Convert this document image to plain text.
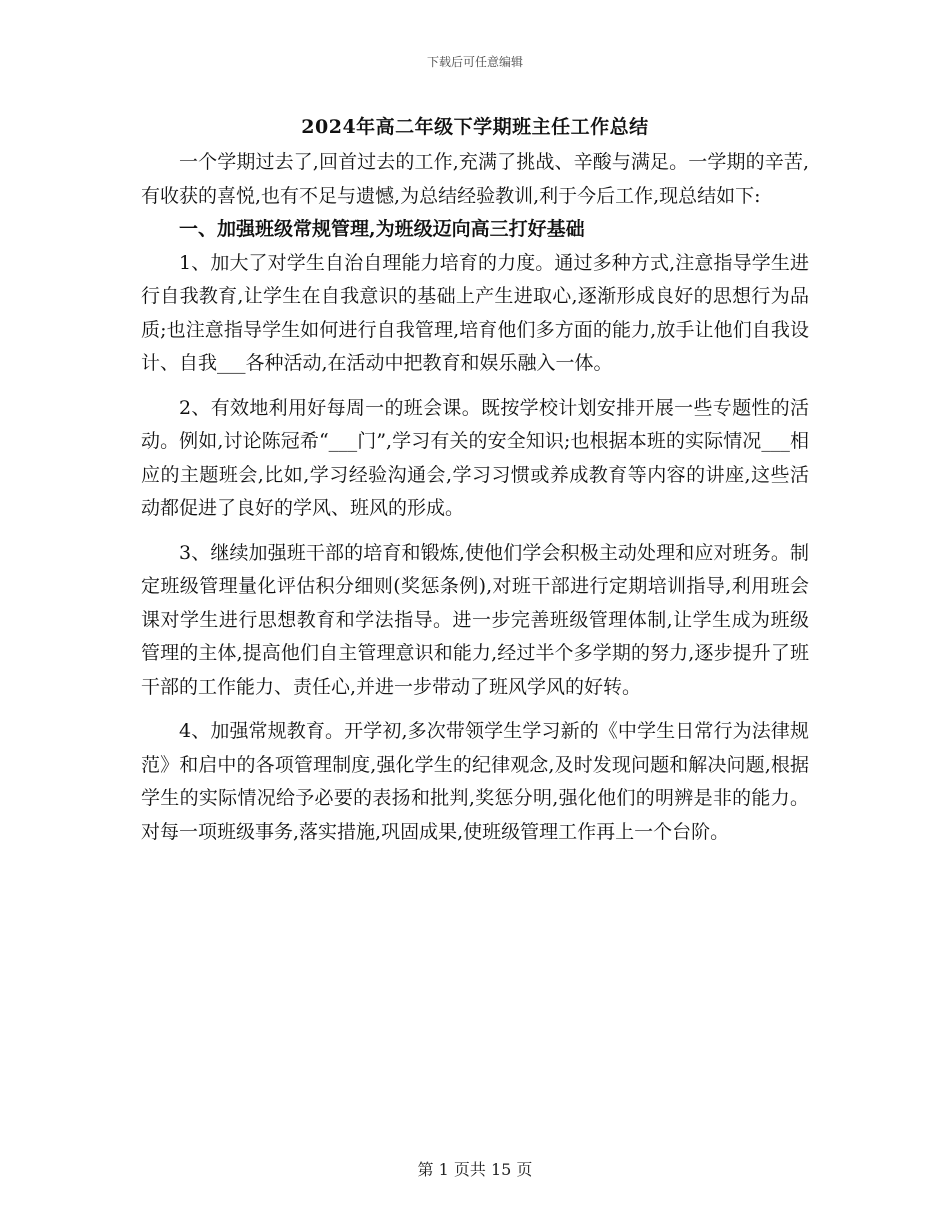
下载后可任意编辑
2024年高二年级下学期班主任工作总结

一个学期过去了,回首过去的工作,充满了挑战、辛酸与满足。一学期的辛苦,有收获的喜悦,也有不足与遗憾,为总结经验教训,利于今后工作,现总结如下:

一、加强班级常规管理,为班级迈向高三打好基础

1、加大了对学生自治自理能力培育的力度。通过多种方式,注意指导学生进行自我教育,让学生在自我意识的基础上产生进取心,逐渐形成良好的思想行为品质;也注意指导学生如何进行自我管理,培育他们多方面的能力,放手让他们自我设计、自我___各种活动,在活动中把教育和娱乐融入一体。

2、有效地利用好每周一的班会课。既按学校计划安排开展一些专题性的活动。例如,讨论陈冠希“___门”,学习有关的安全知识;也根据本班的实际情况___相应的主题班会,比如,学习经验沟通会,学习习惯或养成教育等内容的讲座,这些活动都促进了良好的学风、班风的形成。

3、继续加强班干部的培育和锻炼,使他们学会积极主动处理和应对班务。制定班级管理量化评估积分细则(奖惩条例),对班干部进行定期培训指导,利用班会课对学生进行思想教育和学法指导。进一步完善班级管理体制,让学生成为班级管理的主体,提高他们自主管理意识和能力,经过半个多学期的努力,逐步提升了班干部的工作能力、责任心,并进一步带动了班风学风的好转。

4、加强常规教育。开学初,多次带领学生学习新的《中学生日常行为法律规范》和启中的各项管理制度,强化学生的纪律观念,及时发现问题和解决问题,根据学生的实际情况给予必要的表扬和批判,奖惩分明,强化他们的明辨是非的能力。对每一项班级事务,落实措施,巩固成果,使班级管理工作再上一个台阶。

第 1 页共 15 页
